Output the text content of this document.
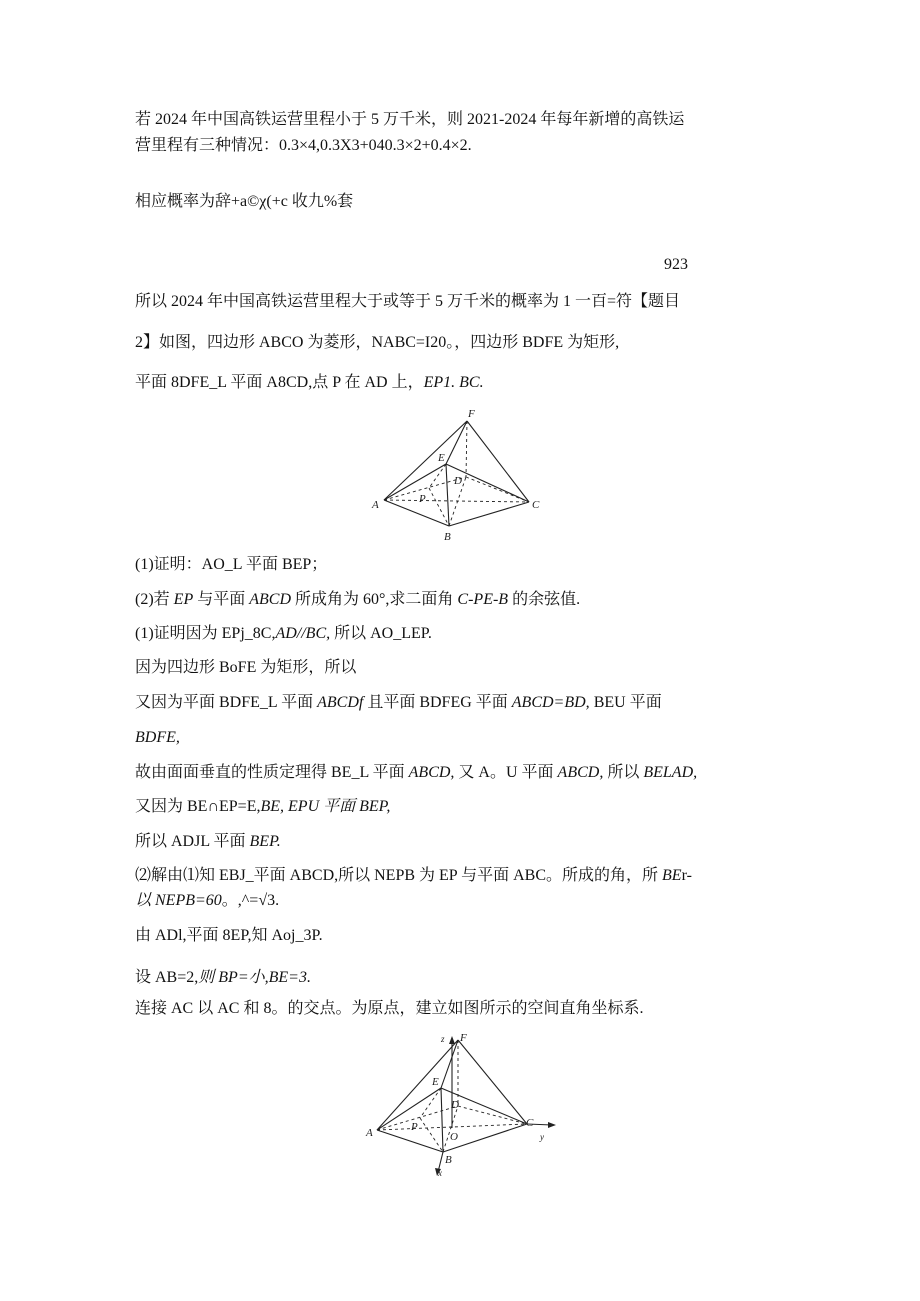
若 2024 年中国高铁运营里程小于 5 万千米，则 2021-2024 年每年新增的高铁运
营里程有三种情况：0.3×4,0.3X3+040.3×2+0.4×2.
相应概率为辞+a©χ(+c 收九%套
923
所以 2024 年中国高铁运营里程大于或等于 5 万千米的概率为 1 一百=符【题目
2】如图，四边形 ABCO 为菱形，NABC=I20。，四边形 BDFE 为矩形,
平面 8DFE_L 平面 A8CD,点 P 在 AD 上，EP1. BC.
A
B
C
D
E
F
P
(1)证明：AO_L 平面 BEP；
(2)若 EP 与平面 ABCD 所成角为 60°,求二面角 C-PE-B 的余弦值.
(1)证明因为 EPj_8C,AD//BC, 所以 AO_LEP.
因为四边形 BoFE 为矩形，所以
又因为平面 BDFE_L 平面 ABCDf 且平面 BDFEG 平面 ABCD=BD, BEU 平面
BDFE,
故由面面垂直的性质定理得 BE_L 平面 ABCD, 又 A。U 平面 ABCD, 所以 BELAD,
又因为 BE∩EP=E,BE, EPU 平面 BEP,
所以 ADJL 平面 BEP.
⑵解由⑴知 EBJ_平面 ABCD,所以 NEPB 为 EP 与平面 ABC。所成的角，所 BEr-
以 NEPB=60。,^=√3.
由 ADl,平面 8EP,知 Aoj_3P.
设 AB=2,则 BP=小,BE=3.
连接 AC 以 AC 和 8。的交点。为原点，建立如图所示的空间直角坐标系.
A
B
C
D
E
F
P
O
x
y
z
